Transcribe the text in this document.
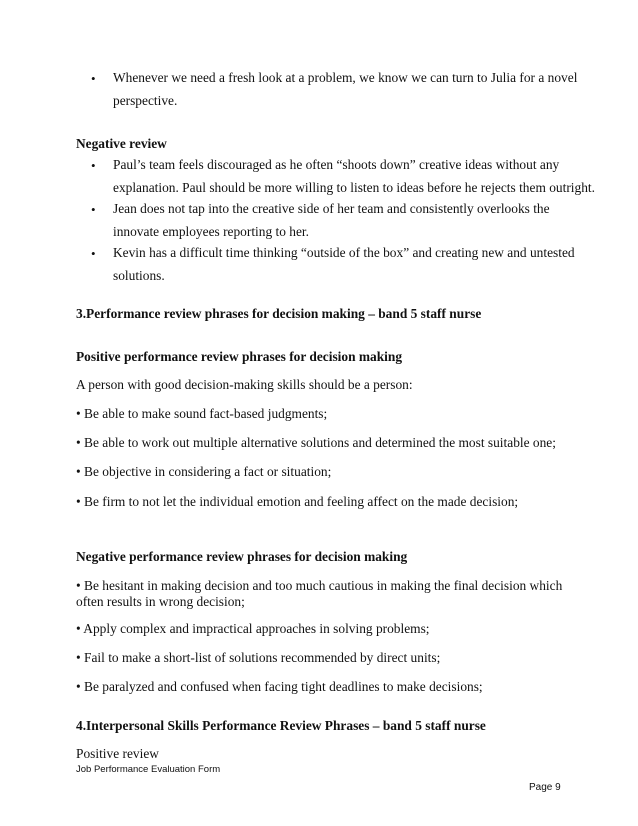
• Whenever we need a fresh look at a problem, we know we can turn to Julia for a novel
perspective.
Negative review
• Paul’s team feels discouraged as he often “shoots down” creative ideas without any
explanation. Paul should be more willing to listen to ideas before he rejects them outright.
• Jean does not tap into the creative side of her team and consistently overlooks the
innovate employees reporting to her.
• Kevin has a difficult time thinking “outside of the box” and creating new and untested
solutions.
3.Performance review phrases for decision making – band 5 staff nurse
Positive performance review phrases for decision making
A person with good decision-making skills should be a person:
• Be able to make sound fact-based judgments;
• Be able to work out multiple alternative solutions and determined the most suitable one;
• Be objective in considering a fact or situation;
• Be firm to not let the individual emotion and feeling affect on the made decision;
Negative performance review phrases for decision making
• Be hesitant in making decision and too much cautious in making the final decision which often results in wrong decision;
• Apply complex and impractical approaches in solving problems;
• Fail to make a short-list of solutions recommended by direct units;
• Be paralyzed and confused when facing tight deadlines to make decisions;
4.Interpersonal Skills Performance Review Phrases – band 5 staff nurse
Positive review
Job Performance Evaluation Form
Page 9
